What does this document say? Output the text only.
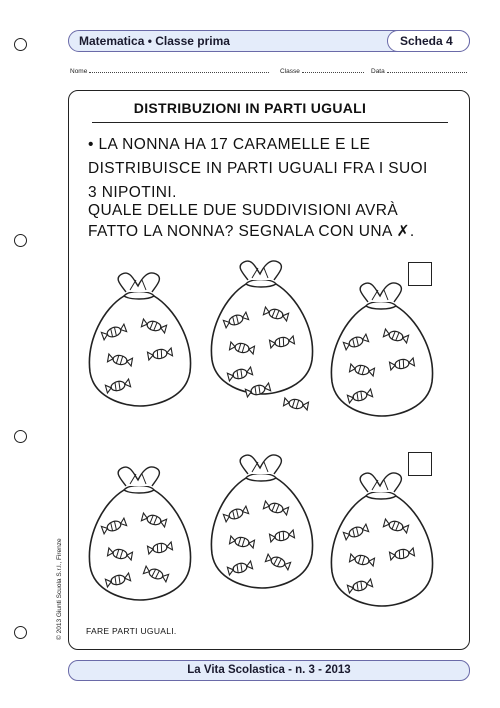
Matematica • Classe prima	Scheda 4
Nome	Classe	Data
DISTRIBUZIONI IN PARTI UGUALI
• LA NONNA HA 17 CARAMELLE E LE
DISTRIBUISCE IN PARTI UGUALI FRA I SUOI
3 NIPOTINI.
QUALE DELLE DUE SUDDIVISIONI AVRÀ
FATTO LA NONNA? SEGNALA CON UNA ✗.
FARE PARTI UGUALI.
© 2013 Giunti Scuola S.r.l., Firenze
La Vita Scolastica - n. 3 - 2013
